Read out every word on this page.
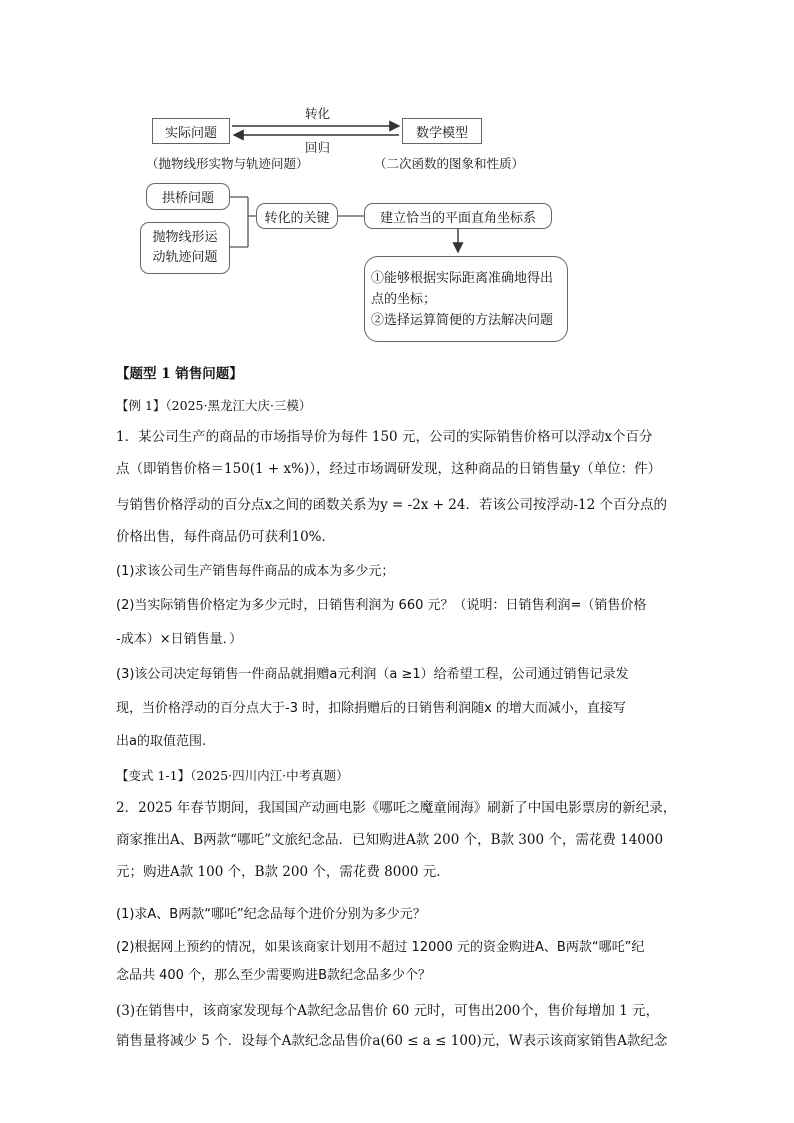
实际问题	数学模型
转化
回归
（抛物线形实物与轨迹问题）	（二次函数的图象和性质）
拱桥问题
抛物线形运
动轨迹问题
转化的关键	建立恰当的平面直角坐标系
①能够根据实际距离准确地得出
点的坐标；
②选择运算简便的方法解决问题
【题型 1 销售问题】
【例 1】（2025·黑龙江大庆·三模）
1．某公司生产的商品的市场指导价为每件 150 元，公司的实际销售价格可以浮动x个百分
点（即销售价格＝150(1 + x%)），经过市场调研发现，这种商品的日销售量y（单位：件）
与销售价格浮动的百分点x之间的函数关系为y = -2x + 24．若该公司按浮动-12 个百分点的
价格出售，每件商品仍可获利10%．
(1)求该公司生产销售每件商品的成本为多少元；
(2)当实际销售价格定为多少元时，日销售利润为 660 元？（说明：日销售利润=（销售价格
-成本）×日销售量．）
(3)该公司决定每销售一件商品就捐赠a元利润（a ≥1）给希望工程，公司通过销售记录发
现，当价格浮动的百分点大于-3 时，扣除捐赠后的日销售利润随x 的增大而减小，直接写
出a的取值范围.
【变式 1-1】（2025·四川内江·中考真题）
2．2025 年春节期间，我国国产动画电影《哪吒之魔童闹海》刷新了中国电影票房的新纪录，
商家推出A、B两款“哪吒”文旅纪念品．已知购进A款 200 个，B款 300 个，需花费 14000
元；购进A款 100 个，B款 200 个，需花费 8000 元．
(1)求A、B两款“哪吒”纪念品每个进价分别为多少元？
(2)根据网上预约的情况，如果该商家计划用不超过 12000 元的资金购进A、B两款“哪吒”纪
念品共 400 个，那么至少需要购进B款纪念品多少个？
(3)在销售中，该商家发现每个A款纪念品售价 60 元时，可售出200个，售价每增加 1 元，
销售量将减少 5 个．设每个A款纪念品售价a(60 ≤ a ≤ 100)元，W表示该商家销售A款纪念
